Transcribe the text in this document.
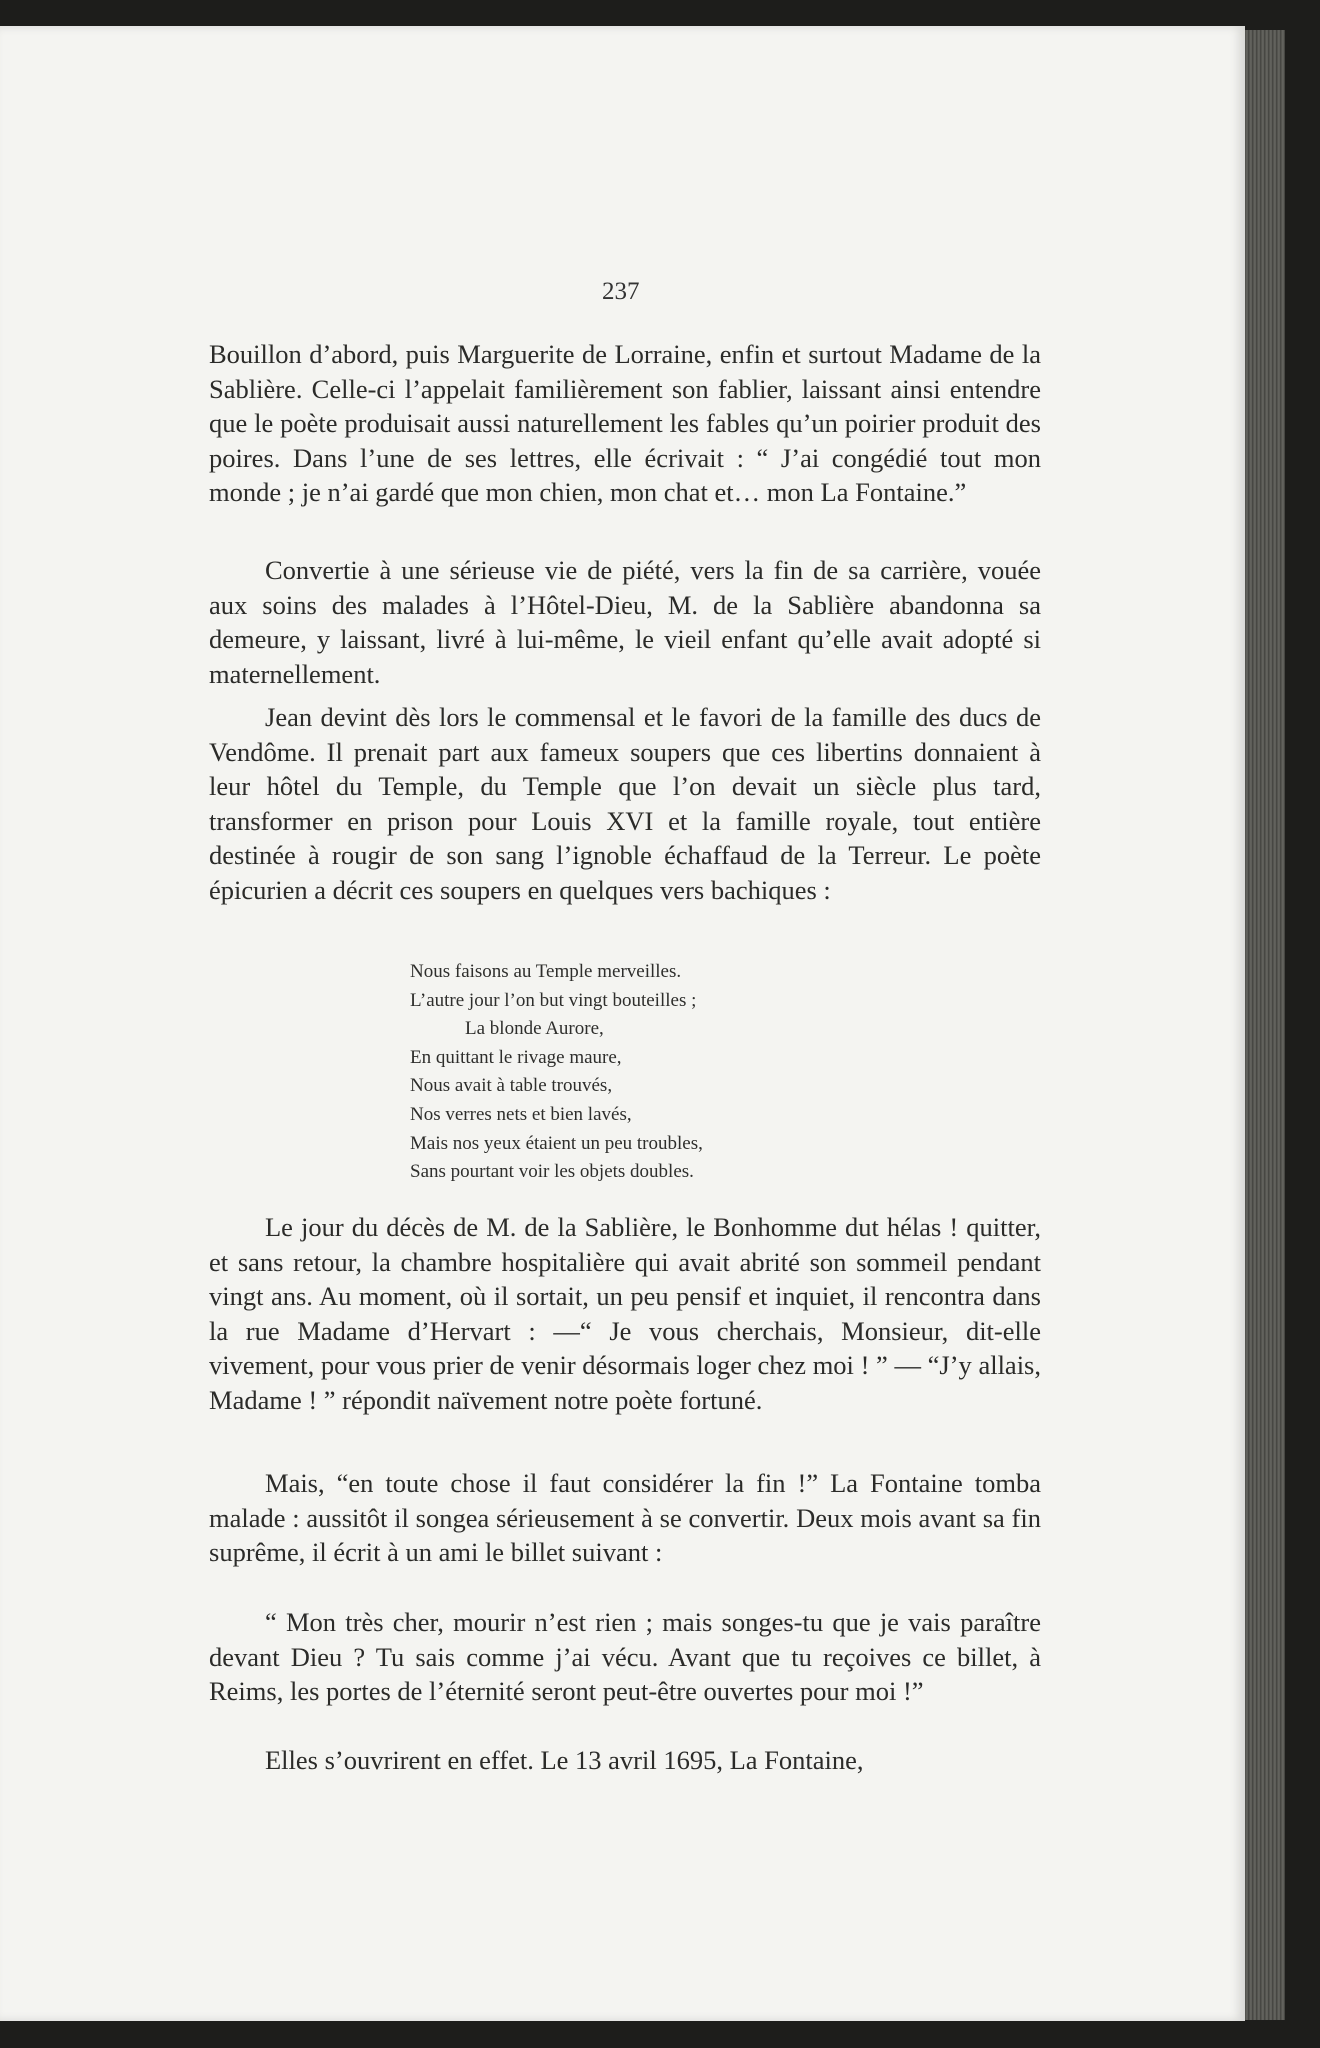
237

Bouillon d’abord, puis Marguerite de Lorraine, enfin et surtout Madame de la Sablière. Celle-ci l’appelait familièrement son fablier, laissant ainsi entendre que le poète produisait aussi naturellement les fables qu’un poirier produit des poires. Dans l’une de ses lettres, elle écrivait : “ J’ai congédié tout mon monde ; je n’ai gardé que mon chien, mon chat et… mon La Fontaine.”

Convertie à une sérieuse vie de piété, vers la fin de sa carrière, vouée aux soins des malades à l’Hôtel-Dieu, M. de la Sablière abandonna sa demeure, y laissant, livré à lui-même, le vieil enfant qu’elle avait adopté si maternellement.

Jean devint dès lors le commensal et le favori de la famille des ducs de Vendôme. Il prenait part aux fameux soupers que ces libertins donnaient à leur hôtel du Temple, du Temple que l’on devait un siècle plus tard, transformer en prison pour Louis XVI et la famille royale, tout entière destinée à rougir de son sang l’ignoble échaffaud de la Terreur. Le poète épicurien a décrit ces soupers en quelques vers bachiques :

Nous faisons au Temple merveilles.
L’autre jour l’on but vingt bouteilles ;
La blonde Aurore,
En quittant le rivage maure,
Nous avait à table trouvés,
Nos verres nets et bien lavés,
Mais nos yeux étaient un peu troubles,
Sans pourtant voir les objets doubles.

Le jour du décès de M. de la Sablière, le Bonhomme dut hélas ! quitter, et sans retour, la chambre hospitalière qui avait abrité son sommeil pendant vingt ans. Au moment, où il sortait, un peu pensif et inquiet, il rencontra dans la rue Madame d’Hervart : —“ Je vous cherchais, Monsieur, dit-elle vivement, pour vous prier de venir désormais loger chez moi ! ” — “J’y allais, Madame ! ” répondit naïvement notre poète fortuné.

Mais, “en toute chose il faut considérer la fin !” La Fontaine tomba malade : aussitôt il songea sérieusement à se convertir. Deux mois avant sa fin suprême, il écrit à un ami le billet suivant :

“ Mon très cher, mourir n’est rien ; mais songes-tu que je vais paraître devant Dieu ? Tu sais comme j’ai vécu. Avant que tu reçoives ce billet, à Reims, les portes de l’éternité seront peut-être ouvertes pour moi !”

Elles s’ouvrirent en effet. Le 13 avril 1695, La Fontaine,
